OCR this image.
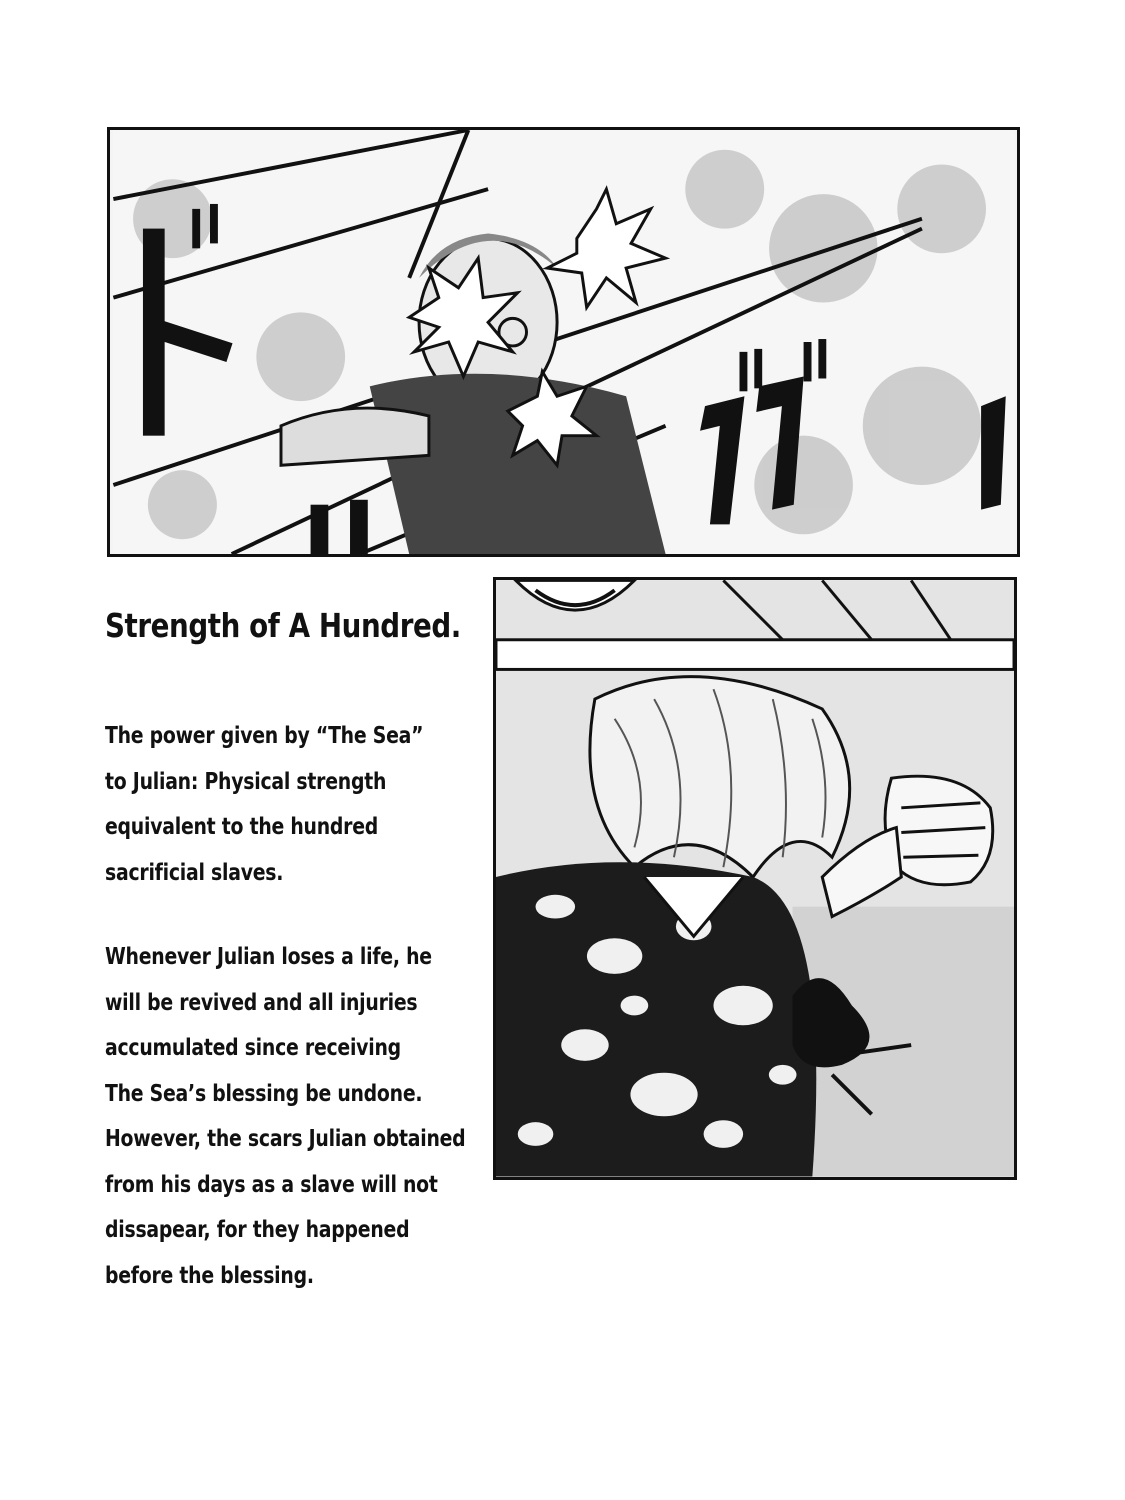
Strength of A Hundred.

The power given by “The Sea”
to Julian: Physical strength
equivalent to the hundred
sacrificial slaves.

Whenever Julian loses a life, he
will be revived and all injuries
accumulated since receiving
The Sea’s blessing be undone.
However, the scars Julian obtained
from his days as a slave will not
dissapear, for they happened
before the blessing.
